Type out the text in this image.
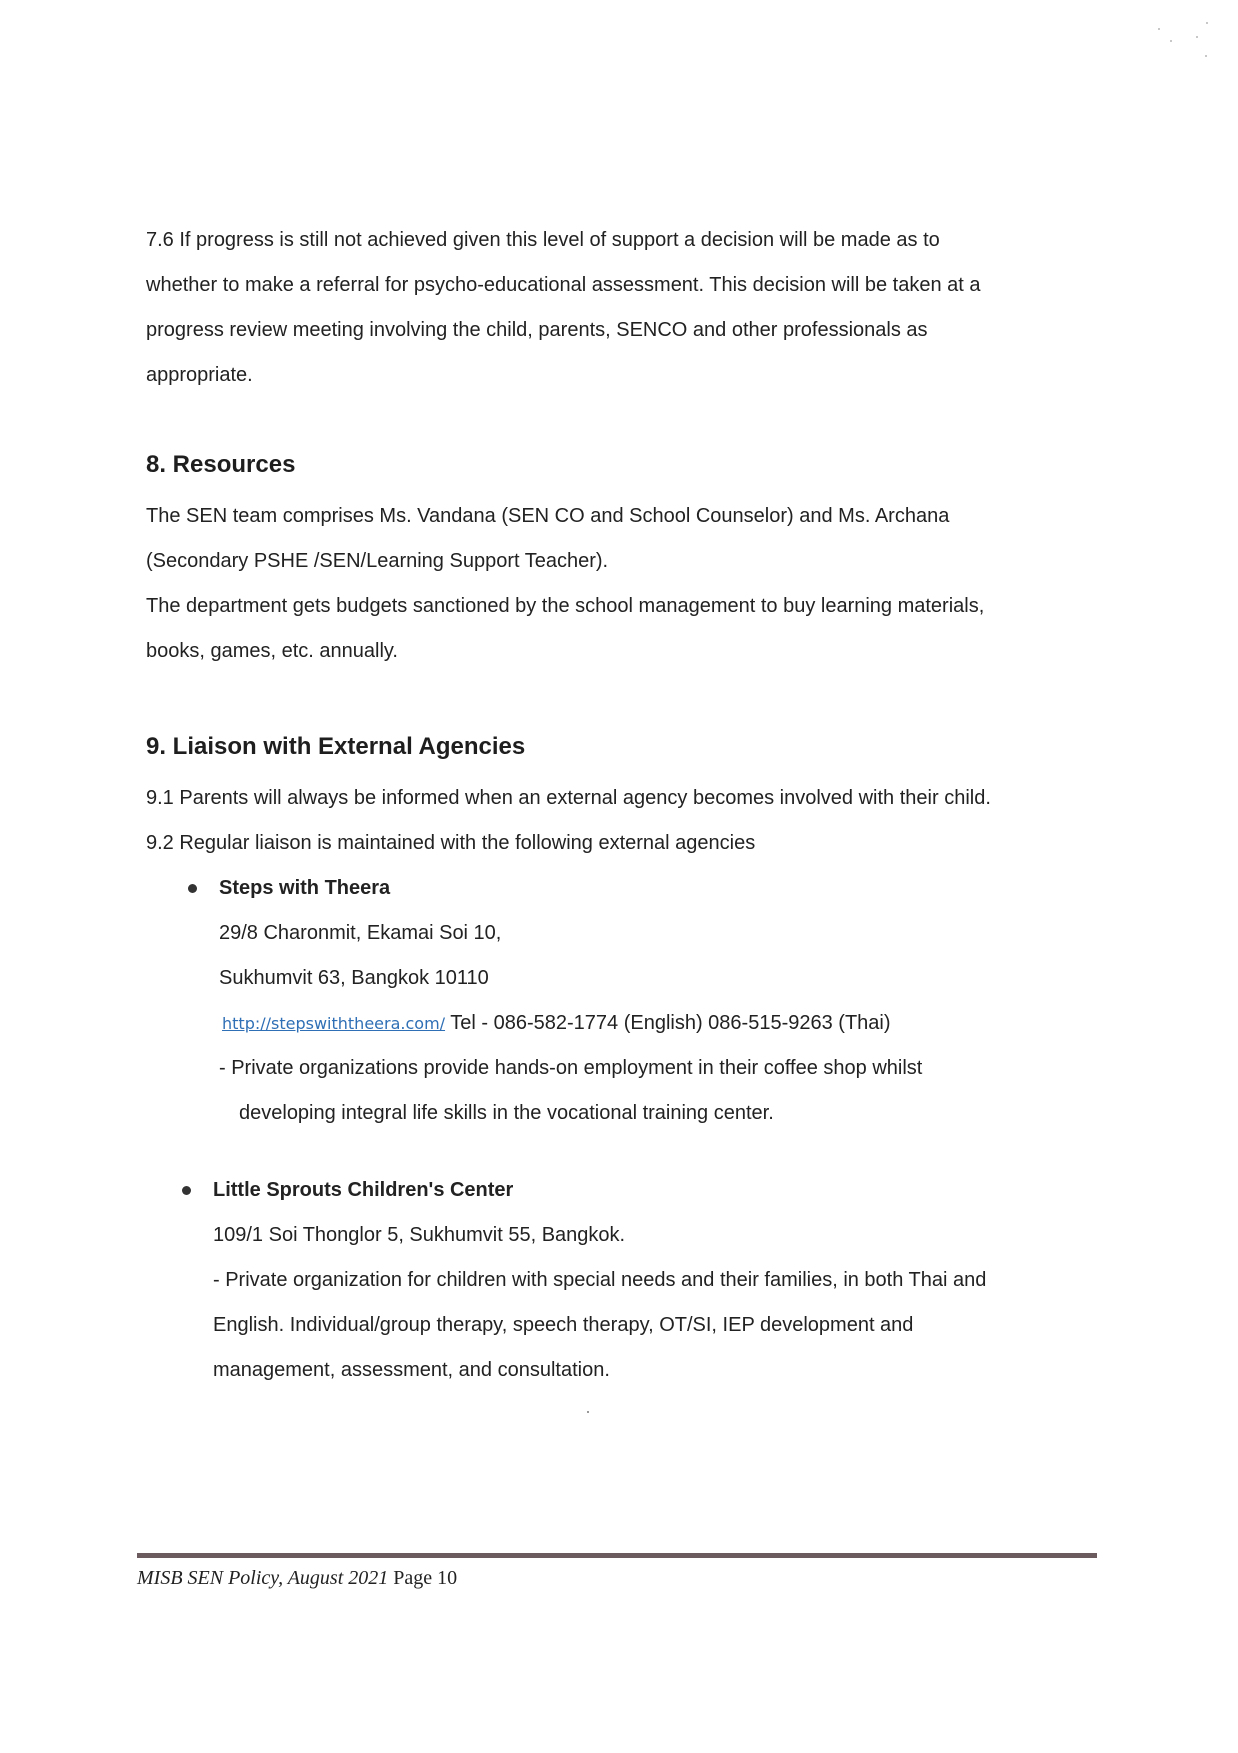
7.6 If progress is still not achieved given this level of support a decision will be made as to
whether to make a referral for psycho-educational assessment. This decision will be taken at a
progress review meeting involving the child, parents, SENCO and other professionals as
appropriate.
8. Resources
The SEN team comprises Ms. Vandana (SEN CO and School Counselor) and Ms. Archana
(Secondary PSHE /SEN/Learning Support Teacher).
The department gets budgets sanctioned by the school management to buy learning materials,
books, games, etc. annually.
9. Liaison with External Agencies
9.1 Parents will always be informed when an external agency becomes involved with their child.
9.2 Regular liaison is maintained with the following external agencies
Steps with Theera
29/8 Charonmit, Ekamai Soi 10,
Sukhumvit 63, Bangkok 10110
http://stepswiththeera.com/ Tel - 086-582-1774 (English) 086-515-9263 (Thai)
- Private organizations provide hands-on employment in their coffee shop whilst
developing integral life skills in the vocational training center.
Little Sprouts Children's Center
109/1 Soi Thonglor 5, Sukhumvit 55, Bangkok.
- Private organization for children with special needs and their families, in both Thai and
English. Individual/group therapy, speech therapy, OT/SI, IEP development and
management, assessment, and consultation.
MISB SEN Policy, August 2021 Page 10
